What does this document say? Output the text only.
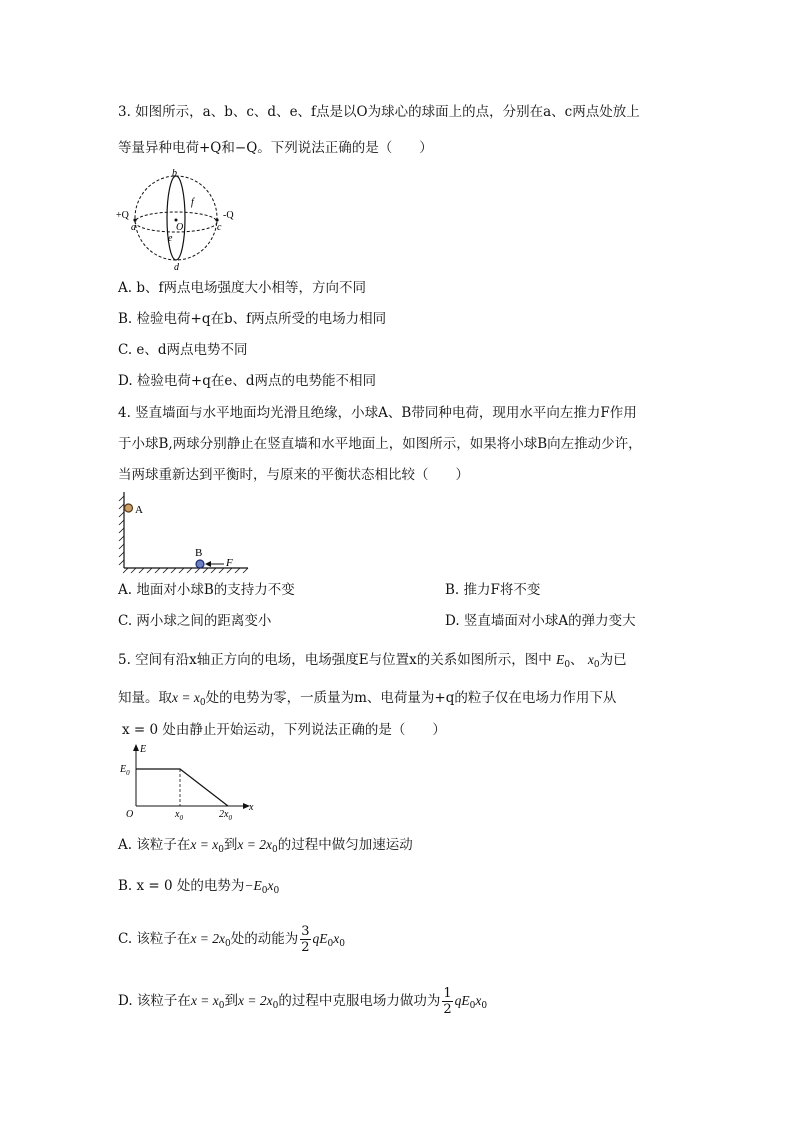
3. 如图所示，a、b、c、d、e、f点是以O为球心的球面上的点，分别在a、c两点处放上
等量异种电荷+Q和−Q。下列说法正确的是（　　）
+Q	-Q
a
b
c
d
e
f
O
A. b、f两点电场强度大小相等，方向不同
B. 检验电荷+q在b、f两点所受的电场力相同
C. e、d两点电势不同
D. 检验电荷+q在e、d两点的电势能不相同
4. 竖直墙面与水平地面均光滑且绝缘，小球A、B带同种电荷，现用水平向左推力F作用
于小球B,两球分别静止在竖直墙和水平地面上，如图所示，如果将小球B向左推动少许，
当两球重新达到平衡时，与原来的平衡状态相比较（　　）
A
B
F
A. 地面对小球B的支持力不变	B. 推力F将不变
C. 两小球之间的距离变小	D. 竖直墙面对小球A的弹力变大
5. 空间有沿x轴正方向的电场，电场强度E与位置x的关系如图所示，图中 $E_0$、 $x_0$为已
知量。取$x = x_0$处的电势为零，一质量为m、电荷量为+q的粒子仅在电场力作用下从
x = 0 处由静止开始运动，下列说法正确的是（　　）
E
$E_0$
O	$x_0$	$2x_0$
x
A. 该粒子在$x = x_0$到$x = 2x_0$的过程中做匀加速运动
B. x = 0 处的电势为$-E_0x_0$
C. 该粒子在$x = 2x_0$处的动能为 $\frac{3}{2} qE_0x_0$
D. 该粒子在$x = x_0$到$x = 2x_0$的过程中克服电场力做功为 $\frac{1}{2} qE_0x_0$
